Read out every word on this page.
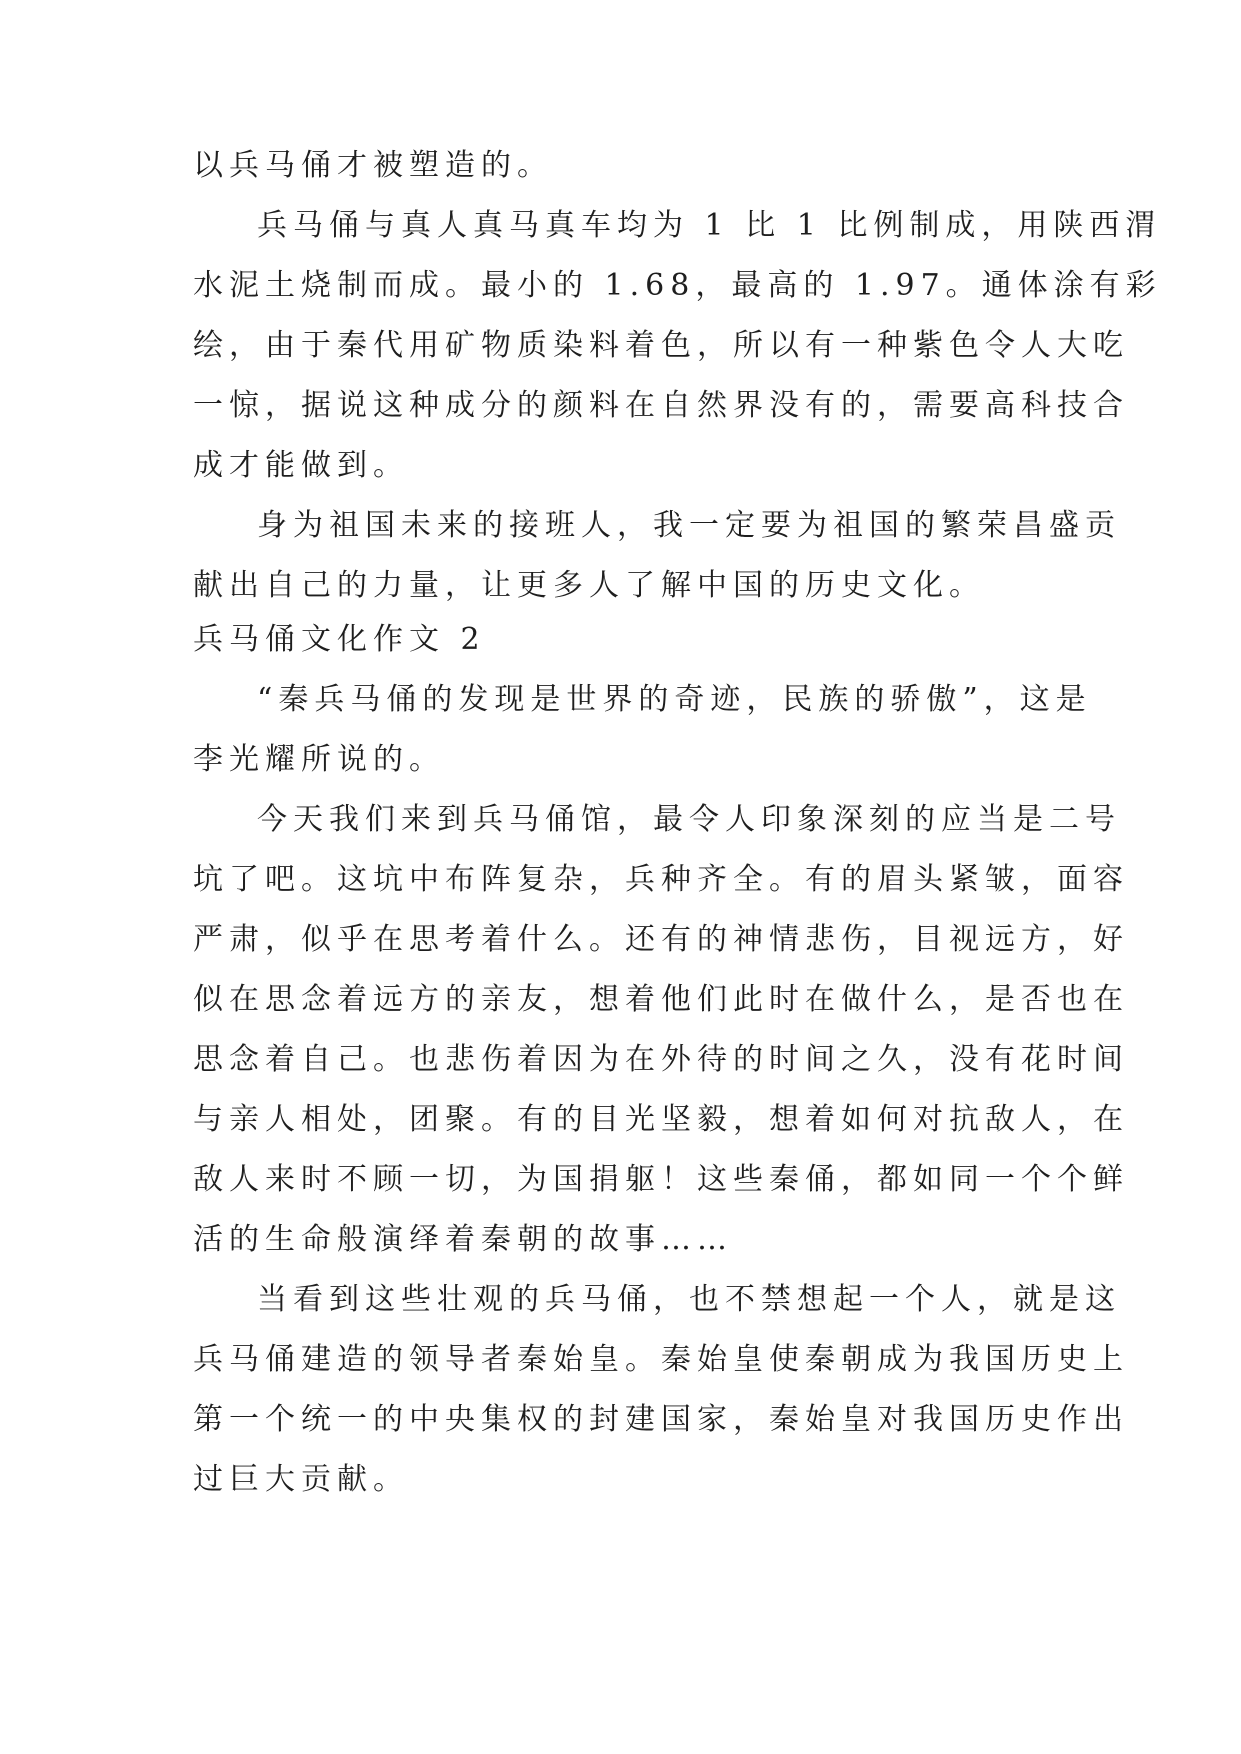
以兵马俑才被塑造的。
兵马俑与真人真马真车均为 1 比 1 比例制成，用陕西渭
水泥土烧制而成。最小的 1.68，最高的 1.97。通体涂有彩
绘，由于秦代用矿物质染料着色，所以有一种紫色令人大吃
一惊，据说这种成分的颜料在自然界没有的，需要高科技合
成才能做到。
身为祖国未来的接班人，我一定要为祖国的繁荣昌盛贡
献出自己的力量，让更多人了解中国的历史文化。
兵马俑文化作文 2
“秦兵马俑的发现是世界的奇迹，民族的骄傲”，这是
李光耀所说的。
今天我们来到兵马俑馆，最令人印象深刻的应当是二号
坑了吧。这坑中布阵复杂，兵种齐全。有的眉头紧皱，面容
严肃，似乎在思考着什么。还有的神情悲伤，目视远方，好
似在思念着远方的亲友，想着他们此时在做什么，是否也在
思念着自己。也悲伤着因为在外待的时间之久，没有花时间
与亲人相处，团聚。有的目光坚毅，想着如何对抗敌人，在
敌人来时不顾一切，为国捐躯！这些秦俑，都如同一个个鲜
活的生命般演绎着秦朝的故事……
当看到这些壮观的兵马俑，也不禁想起一个人，就是这
兵马俑建造的领导者秦始皇。秦始皇使秦朝成为我国历史上
第一个统一的中央集权的封建国家，秦始皇对我国历史作出
过巨大贡献。
